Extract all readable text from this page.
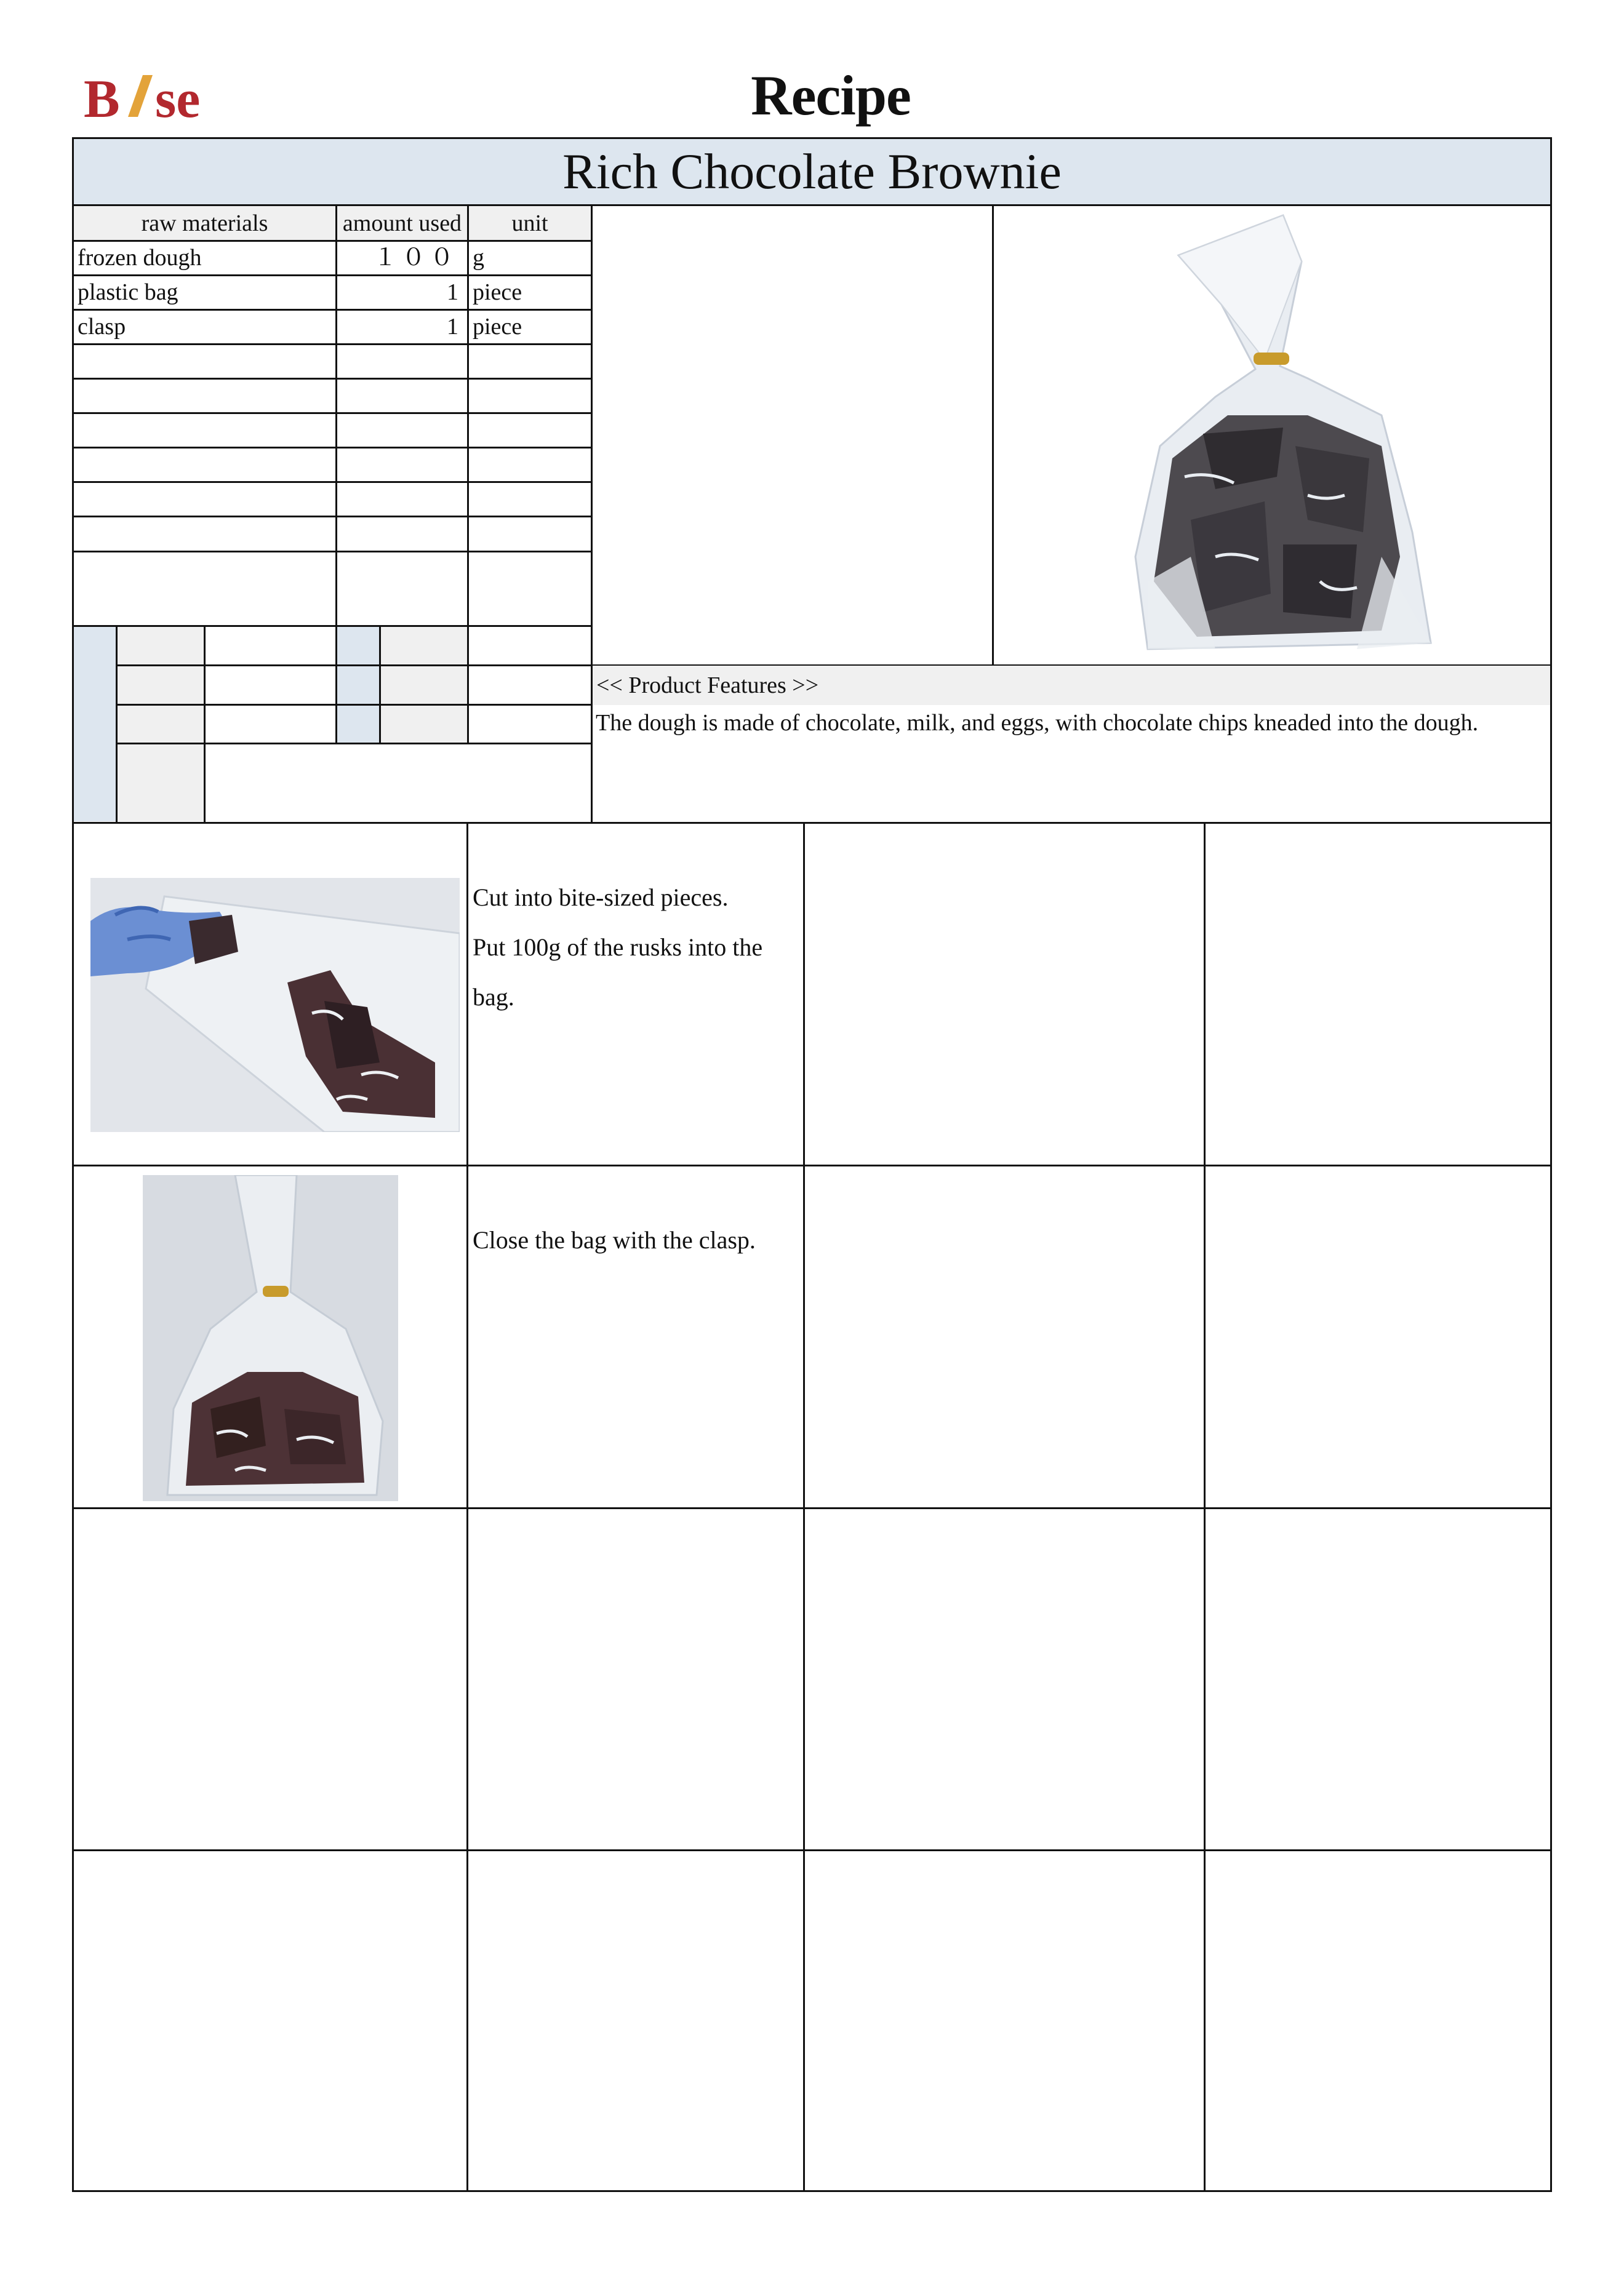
B se	Recipe
Rich Chocolate Brownie
raw materials	amount used	unit
frozen dough	１００ g
plastic bag	1 piece
clasp	1 piece
<< Product Features >>
The dough is made of chocolate, milk, and eggs, with chocolate chips kneaded into the dough.
Cut into bite-sized pieces.
Put 100g of the rusks into the
bag.
Close the bag with the clasp.
